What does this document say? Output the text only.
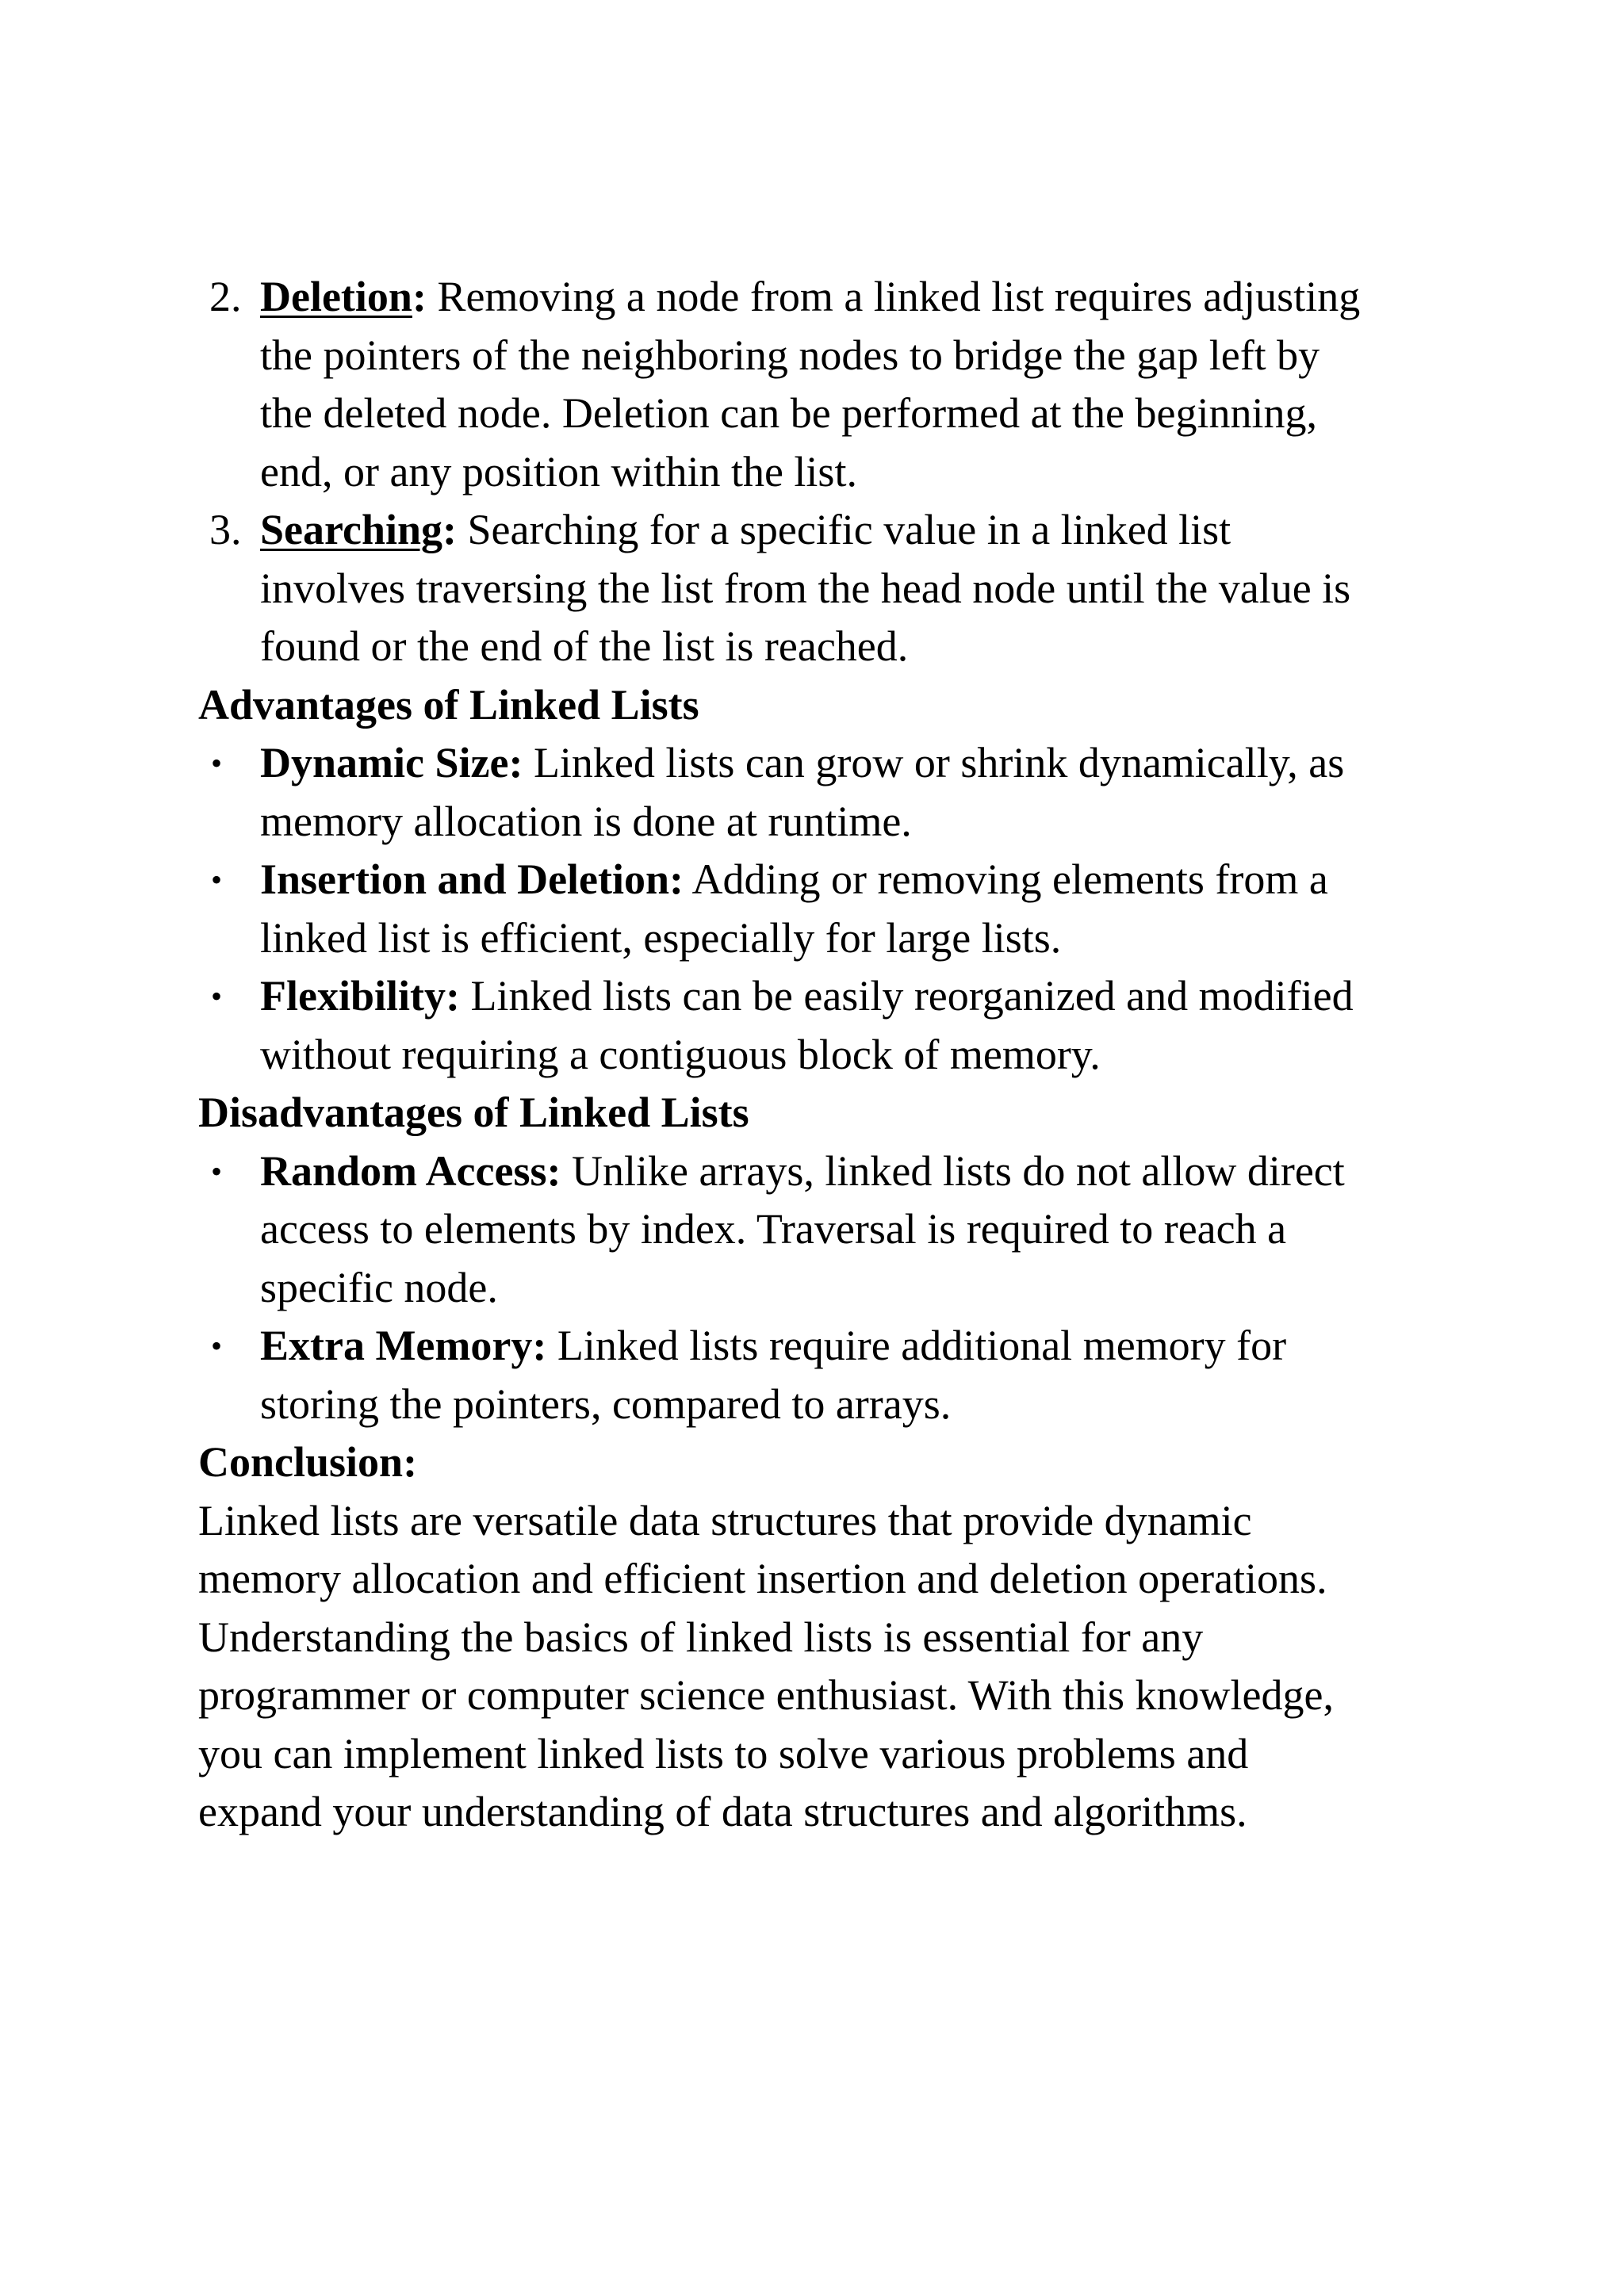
2. Deletion: Removing a node from a linked list requires adjusting
the pointers of the neighboring nodes to bridge the gap left by
the deleted node. Deletion can be performed at the beginning,
end, or any position within the list.
3. Searching: Searching for a specific value in a linked list
involves traversing the list from the head node until the value is
found or the end of the list is reached.
Advantages of Linked Lists
• Dynamic Size: Linked lists can grow or shrink dynamically, as
memory allocation is done at runtime.
• Insertion and Deletion: Adding or removing elements from a
linked list is efficient, especially for large lists.
• Flexibility: Linked lists can be easily reorganized and modified
without requiring a contiguous block of memory.
Disadvantages of Linked Lists
• Random Access: Unlike arrays, linked lists do not allow direct
access to elements by index. Traversal is required to reach a
specific node.
• Extra Memory: Linked lists require additional memory for
storing the pointers, compared to arrays.
Conclusion:
Linked lists are versatile data structures that provide dynamic
memory allocation and efficient insertion and deletion operations.
Understanding the basics of linked lists is essential for any
programmer or computer science enthusiast. With this knowledge,
you can implement linked lists to solve various problems and
expand your understanding of data structures and algorithms.
